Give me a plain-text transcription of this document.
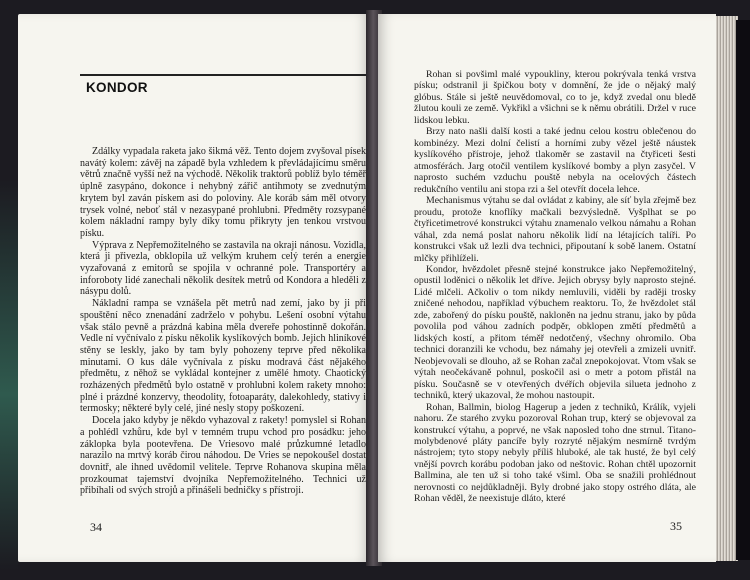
KONDOR

Zdálky vypadala raketa jako šikmá věž. Tento dojem zvyšoval písek navátý kolem: závěj na západě byla vzhledem k převládajícímu směru větrů značně vyšší než na východě. Několik traktorů poblíž bylo téměř úplně zasypáno, dokonce i nehybný zářič antihmoty se zvednutým krytem byl zaván pískem asi do poloviny. Ale koráb sám měl otvory trysek volné, neboť stál v nezasypané prohlubni. Předměty rozsypané kolem nákladní rampy byly díky tomu přikryty jen tenkou vrstvou písku.

Výprava z Nepřemožitelného se zastavila na okraji nánosu. Vozidla, která ji přivezla, obklopila už velkým kruhem celý terén a energie vyzařovaná z emitorů se spojila v ochranné pole. Transportéry a inforoboty lidé zanechali několik desítek metrů od Kondora a hleděli z násypu dolů.

Nákladní rampa se vznášela pět metrů nad zemí, jako by ji při spouštění něco znenadání zadrželo v pohybu. Lešení osobní výtahu však stálo pevně a prázdná kabina měla dvereře pohostinně dokořán. Vedle ní vyčnívalo z písku několik kyslíkových bomb. Jejich hliníkové stěny se leskly, jako by tam byly pohozeny teprve před několika minutami. O kus dále vyčnívala z písku modravá část nějakého předmětu, z něhož se vykládal kontejner z umělé hmoty. Chaotický rozházených předmětů bylo ostatně v prohlubni kolem rakety mnoho: plné i prázdné konzervy, theodolity, fotoaparáty, dalekohledy, stativy i termosky; některé byly celé, jiné nesly stopy poškození.

Docela jako kdyby je někdo vyhazoval z rakety! pomyslel si Rohan a pohlédl vzhůru, kde byl v temném trupu vchod pro posádku: jeho záklopka byla pootevřena. De Vriesovo malé průzkumné letadlo narazilo na mrtvý koráb čirou náhodou. De Vries se nepokoušel dostat dovnitř, ale ihned uvědomil velitele. Teprve Rohanova skupina měla prozkoumat tajemství dvojníka Nepřemožitelného. Technici už přibíhali od svých strojů a přinášeli bedničky s přístroji.

34

Rohan si povšiml malé vypoukliny, kterou pokrývala tenká vrstva písku; odstranil ji špičkou boty v domnění, že jde o nějaký malý glóbus. Stále si ještě neuvědomoval, co to je, když zvedal onu bledě žlutou kouli ze země. Vykřikl a všichni se k němu obrátili. Držel v ruce lidskou lebku.

Brzy nato našli další kosti a také jednu celou kostru oblečenou do kombinézy. Mezi dolní čelistí a horními zuby vězel ještě náustek kyslíkového přístroje, jehož tlakoměr se zastavil na čtyřiceti šesti atmosférách. Jarg otočil ventilem kyslíkové bomby a plyn zasyčel. V naprosto suchém vzduchu pouště nebyla na ocelových částech redukčního ventilu ani stopa rzi a šel otevřít docela lehce.

Mechanismus výtahu se dal ovládat z kabiny, ale síť byla zřejmě bez proudu, protože knoflíky mačkali bezvýsledně. Vyšplhat se po čtyřicetimetrové konstrukci výtahu znamenalo velkou námahu a Rohan váhal, zda nemá poslat nahoru několik lidí na létajících talíři. Po konstrukci však už lezli dva technici, připoutaní k sobě lanem. Ostatní mlčky přihlíželi.

Kondor, hvězdolet přesně stejné konstrukce jako Nepřemožitelný, opustil loděnici o několik let dříve. Jejich obrysy byly naprosto stejné. Lidé mlčeli. Ačkoliv o tom nikdy nemluvili, viděli by raději trosky zničené nehodou, například výbuchem reaktoru. To, že hvězdolet stál zde, zabořený do písku pouště, nakloněn na jednu stranu, jako by půda povolila pod váhou zadních podpěr, obklopen změtí předmětů a lidských kostí, a přitom téměř nedotčený, všechny ohromilo. Oba technici doranzili ke vchodu, bez námahy jej otevřeli a zmizeli uvnitř. Neobjevovali se dlouho, až se Rohan začal znepokojovat. Vtom však se výtah neočekávaně pohnul, poskočil asi o metr a potom přistál na písku. Současně se v otevřených dvéřích objevila silueta jednoho z techniků, který ukazoval, že mohou nastoupit.

Rohan, Ballmin, biolog Hagerup a jeden z techniků, Králík, vyjeli nahoru. Ze starého zvyku pozoroval Rohan trup, který se objevoval za konstrukcí výtahu, a poprvé, ne však naposled toho dne strnul. Titano-molybdenové pláty pancíře byly rozryté nějakým nesmírně tvrdým nástrojem; tyto stopy nebyly příliš hluboké, ale tak husté, že byl celý vnější povrch korábu podoban jako od neštovic. Rohan chtěl upozornit Ballmina, ale ten už si toho také všiml. Oba se snažili prohlédnout nerovnosti co nejdůkladněji. Byly drobné jako stopy ostrého dláta, ale Rohan věděl, že neexistuje dláto, které

35
